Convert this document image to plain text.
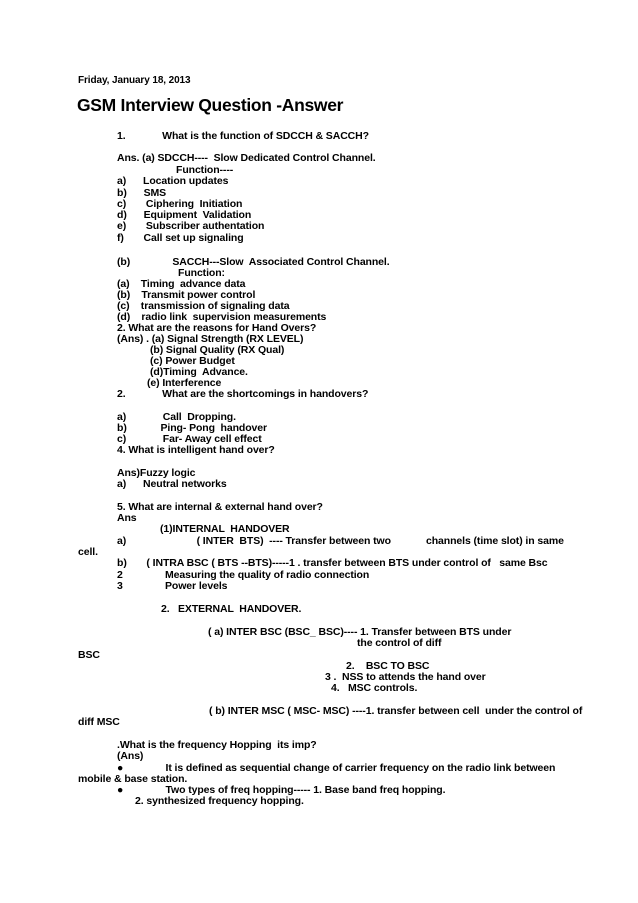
Friday, January 18, 2013
GSM Interview Question -Answer
1.             What is the function of SDCCH & SACCH?
Ans. (a) SDCCH----  Slow Dedicated Control Channel.
Function----
a)      Location updates
b)      SMS
c)       Ciphering  Initiation
d)      Equipment  Validation
e)       Subscriber authentation
f)       Call set up signaling
(b)               SACCH---Slow  Associated Control Channel.
Function:
(a)    Timing  advance data
(b)    Transmit power control
(c)    transmission of signaling data
(d)    radio link  supervision measurements
2. What are the reasons for Hand Overs?
(Ans) . (a) Signal Strength (RX LEVEL)
(b) Signal Quality (RX Qual)
(c) Power Budget
(d)Timing  Advance.
(e) Interference
2.             What are the shortcomings in handovers?
a)             Call  Dropping.
b)            Ping- Pong  handover
c)             Far- Away cell effect
4. What is intelligent hand over?
Ans)Fuzzy logic
a)      Neutral networks
5. What are internal & external hand over?
Ans
(1)INTERNAL  HANDOVER
a)                         ( INTER  BTS)  ---- Transfer between two	channels (time slot) in same
cell.
b)       ( INTRA BSC ( BTS --BTS)-----1 . transfer between BTS under control of   same Bsc
2               Measuring the quality of radio connection
3               Power levels
2.   EXTERNAL  HANDOVER.
( a) INTER BSC (BSC_ BSC)---- 1. Transfer between BTS under
the control of diff
BSC
2.    BSC TO BSC
3 .  NSS to attends the hand over
4.   MSC controls.
( b) INTER MSC ( MSC- MSC) ----1. transfer between cell  under the control of
diff MSC
.What is the frequency Hopping  its imp?
(Ans)
●               It is defined as sequential change of carrier frequency on the radio link between
mobile & base station.
●               Two types of freq hopping----- 1. Base band freq hopping.
2. synthesized frequency hopping.
